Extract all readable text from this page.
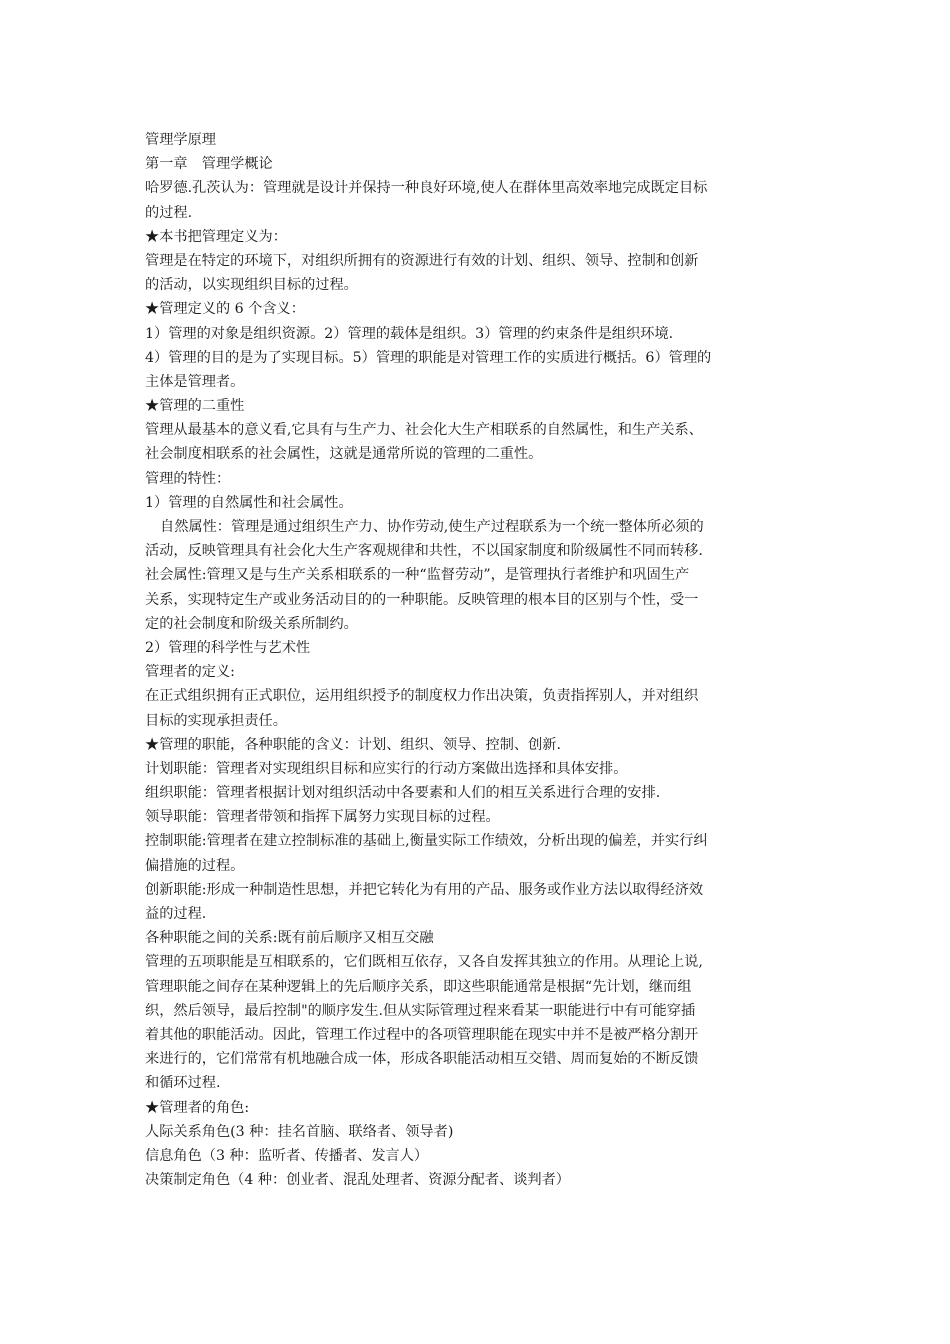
管理学原理
第一章　管理学概论
哈罗德.孔茨认为：管理就是设计并保持一种良好环境,使人在群体里高效率地完成既定目标
的过程.
★本书把管理定义为：
管理是在特定的环境下，对组织所拥有的资源进行有效的计划、组织、领导、控制和创新
的活动，以实现组织目标的过程。
★管理定义的 6 个含义：
1）管理的对象是组织资源。2）管理的载体是组织。3）管理的约束条件是组织环境.
4）管理的目的是为了实现目标。5）管理的职能是对管理工作的实质进行概括。6）管理的
主体是管理者。
★管理的二重性
管理从最基本的意义看,它具有与生产力、社会化大生产相联系的自然属性，和生产关系、
社会制度相联系的社会属性，这就是通常所说的管理的二重性。
管理的特性：
1）管理的自然属性和社会属性。
自然属性：管理是通过组织生产力、协作劳动,使生产过程联系为一个统一整体所必须的
活动，反映管理具有社会化大生产客观规律和共性，不以国家制度和阶级属性不同而转移.
社会属性:管理又是与生产关系相联系的一种“监督劳动”，是管理执行者维护和巩固生产
关系，实现特定生产或业务活动目的的一种职能。反映管理的根本目的区别与个性，受一
定的社会制度和阶级关系所制约。
2）管理的科学性与艺术性
管理者的定义:
在正式组织拥有正式职位，运用组织授予的制度权力作出决策，负责指挥别人，并对组织
目标的实现承担责任。
★管理的职能，各种职能的含义：计划、组织、领导、控制、创新.
计划职能：管理者对实现组织目标和应实行的行动方案做出选择和具体安排。
组织职能：管理者根据计划对组织活动中各要素和人们的相互关系进行合理的安排.
领导职能：管理者带领和指挥下属努力实现目标的过程。
控制职能:管理者在建立控制标准的基础上,衡量实际工作绩效，分析出现的偏差，并实行纠
偏措施的过程。
创新职能:形成一种制造性思想，并把它转化为有用的产品、服务或作业方法以取得经济效
益的过程.
各种职能之间的关系:既有前后顺序又相互交融
管理的五项职能是互相联系的，它们既相互依存，又各自发挥其独立的作用。从理论上说,
管理职能之间存在某种逻辑上的先后顺序关系，即这些职能通常是根据“先计划，继而组
织，然后领导，最后控制"的顺序发生.但从实际管理过程来看某一职能进行中有可能穿插
着其他的职能活动。因此，管理工作过程中的各项管理职能在现实中并不是被严格分割开
来进行的，它们常常有机地融合成一体，形成各职能活动相互交错、周而复始的不断反馈
和循环过程.
★管理者的角色:
人际关系角色(3 种：挂名首脑、联络者、领导者)
信息角色（3 种：监听者、传播者、发言人）
决策制定角色（4 种：创业者、混乱处理者、资源分配者、谈判者）
